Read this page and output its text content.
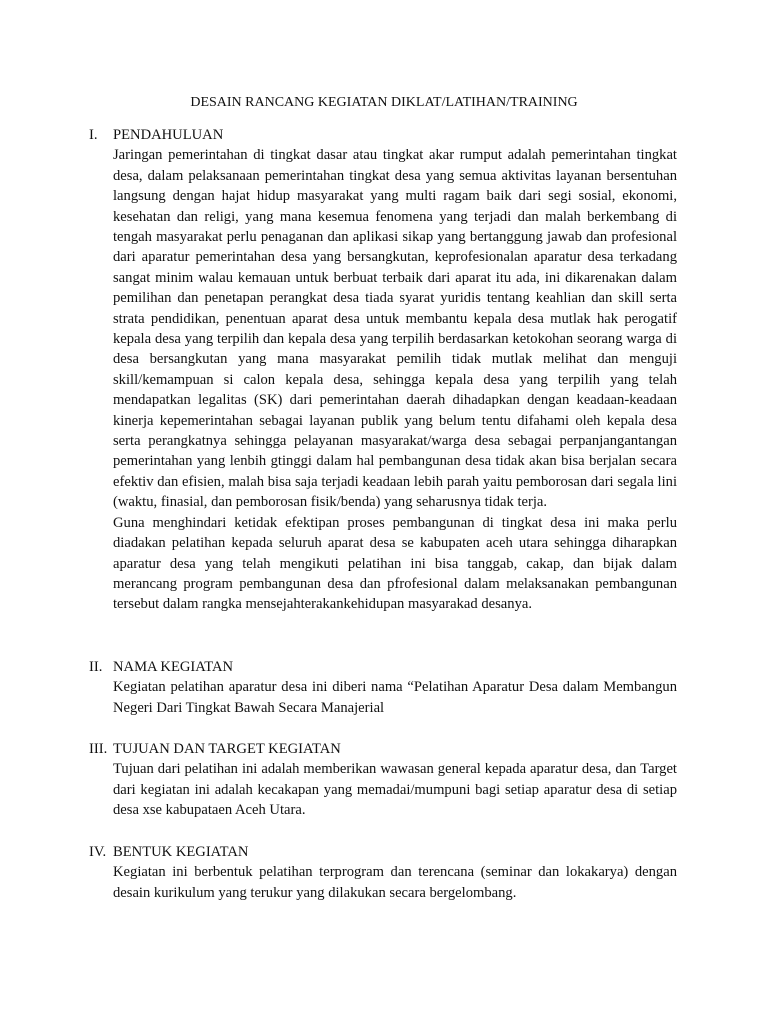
DESAIN RANCANG KEGIATAN DIKLAT/LATIHAN/TRAINING
I.	PENDAHULUAN

Jaringan pemerintahan di tingkat dasar atau tingkat akar rumput adalah pemerintahan tingkat desa, dalam pelaksanaan pemerintahan tingkat desa yang semua aktivitas layanan bersentuhan langsung dengan hajat hidup masyarakat yang multi ragam baik dari segi sosial, ekonomi, kesehatan dan religi, yang mana kesemua fenomena yang terjadi dan malah berkembang di tengah masyarakat perlu penaganan dan aplikasi sikap yang bertanggung jawab dan profesional dari aparatur pemerintahan desa yang bersangkutan, keprofesionalan aparatur desa terkadang sangat minim walau kemauan untuk berbuat terbaik dari aparat itu ada, ini dikarenakan dalam pemilihan dan penetapan perangkat desa tiada syarat yuridis tentang keahlian dan skill serta strata pendidikan, penentuan aparat desa untuk membantu kepala desa mutlak hak perogatif kepala desa yang terpilih dan kepala desa yang terpilih berdasarkan ketokohan seorang warga di desa bersangkutan yang mana masyarakat pemilih tidak mutlak melihat dan menguji skill/kemampuan si calon kepala desa, sehingga kepala desa yang terpilih yang telah mendapatkan legalitas (SK) dari pemerintahan daerah dihadapkan dengan keadaan-keadaan kinerja kepemerintahan sebagai layanan publik yang belum tentu difahami oleh kepala desa serta perangkatnya sehingga pelayanan masyarakat/warga desa sebagai perpanjangantangan pemerintahan yang lenbih gtinggi dalam hal pembangunan desa tidak akan bisa berjalan secara efektiv dan efisien, malah bisa saja terjadi keadaan lebih parah yaitu pemborosan dari segala lini (waktu, finasial, dan pemborosan fisik/benda) yang seharusnya tidak terja.

Guna menghindari ketidak efektipan proses pembangunan di tingkat desa ini maka perlu diadakan pelatihan kepada seluruh aparat desa se kabupaten aceh utara sehingga diharapkan aparatur desa yang telah mengikuti pelatihan ini bisa tanggab, cakap, dan bijak dalam merancang program pembangunan desa dan pfrofesional dalam melaksanakan pembangunan tersebut dalam rangka mensejahterakankehidupan masyarakad desanya.

II. NAMA KEGIATAN

Kegiatan pelatihan aparatur desa ini diberi nama “Pelatihan Aparatur Desa dalam Membangun Negeri Dari Tingkat Bawah Secara Manajerial

III. TUJUAN DAN TARGET KEGIATAN

Tujuan dari pelatihan ini adalah memberikan wawasan general kepada aparatur desa, dan Target dari kegiatan ini adalah kecakapan yang memadai/mumpuni bagi setiap aparatur desa di setiap desa xse kabupataen Aceh Utara.

IV. BENTUK KEGIATAN

Kegiatan ini berbentuk pelatihan terprogram dan terencana (seminar dan lokakarya) dengan desain kurikulum yang terukur yang dilakukan secara bergelombang.
